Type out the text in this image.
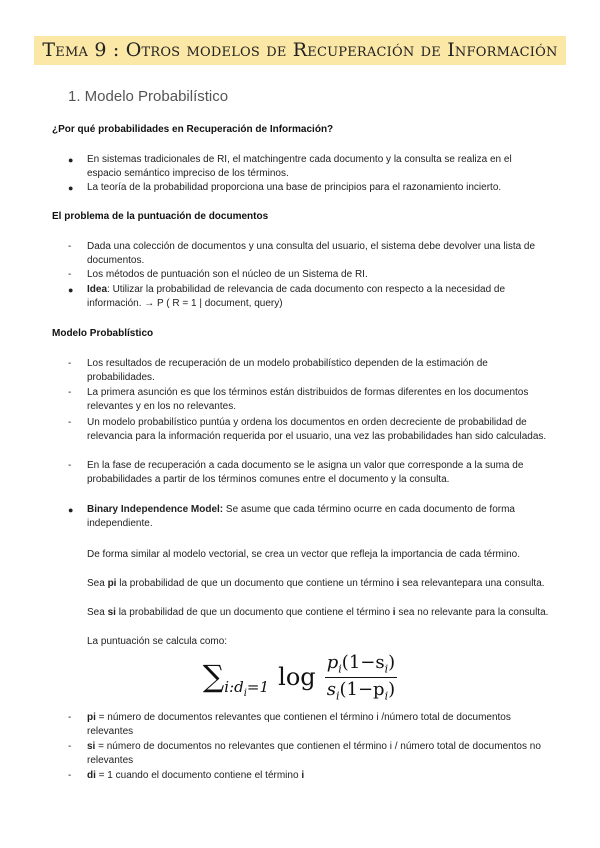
Tema 9 : Otros modelos de Recuperación de Información
1. Modelo Probabilístico
¿Por qué probabilidades en Recuperación de Información?
●	En sistemas tradicionales de RI, el matchingentre cada documento y la consulta se realiza en el espacio semántico impreciso de los términos.
●	La teoría de la probabilidad proporciona una base de principios para el razonamiento incierto.
El problema de la puntuación de documentos
-	Dada una colección de documentos y una consulta del usuario, el sistema debe devolver una lista de documentos.
-	Los métodos de puntuación son el núcleo de un Sistema de RI.
●	Idea: Utilizar la probabilidad de relevancia de cada documento con respecto a la necesidad de información. → P ( R = 1 | document, query)
Modelo Probablístico
-	Los resultados de recuperación de un modelo probabilístico dependen de la estimación de probabilidades.
-	La primera asunción es que los términos están distribuidos de formas diferentes en los documentos relevantes y en los no relevantes.
-	Un modelo probabilístico puntúa y ordena los documentos en orden decreciente de probabilidad de relevancia para la información requerida por el usuario, una vez las probabilidades han sido calculadas.
-	En la fase de recuperación a cada documento se le asigna un valor que corresponde a la suma de probabilidades a partir de los términos comunes entre el documento y la consulta.
●	Binary Independence Model: Se asume que cada término ocurre en cada documento de forma independiente.
De forma similar al modelo vectorial, se crea un vector que refleja la importancia de cada término.
Sea pi la probabilidad de que un documento que contiene un término i sea relevantepara una consulta.
Sea si la probabilidad de que un documento que contiene el término i sea no relevante para la consulta.
La puntuación se calcula como:
$\sum i:d_i=1$ $\log \frac{p_i(1-s_i)}{s_i(1-p_i)}$
-	pi = número de documentos relevantes que contienen el término i /número total de documentos relevantes
-	si = número de documentos no relevantes que contienen el término i / número total de documentos no relevantes
-	di = 1 cuando el documento contiene el término i
